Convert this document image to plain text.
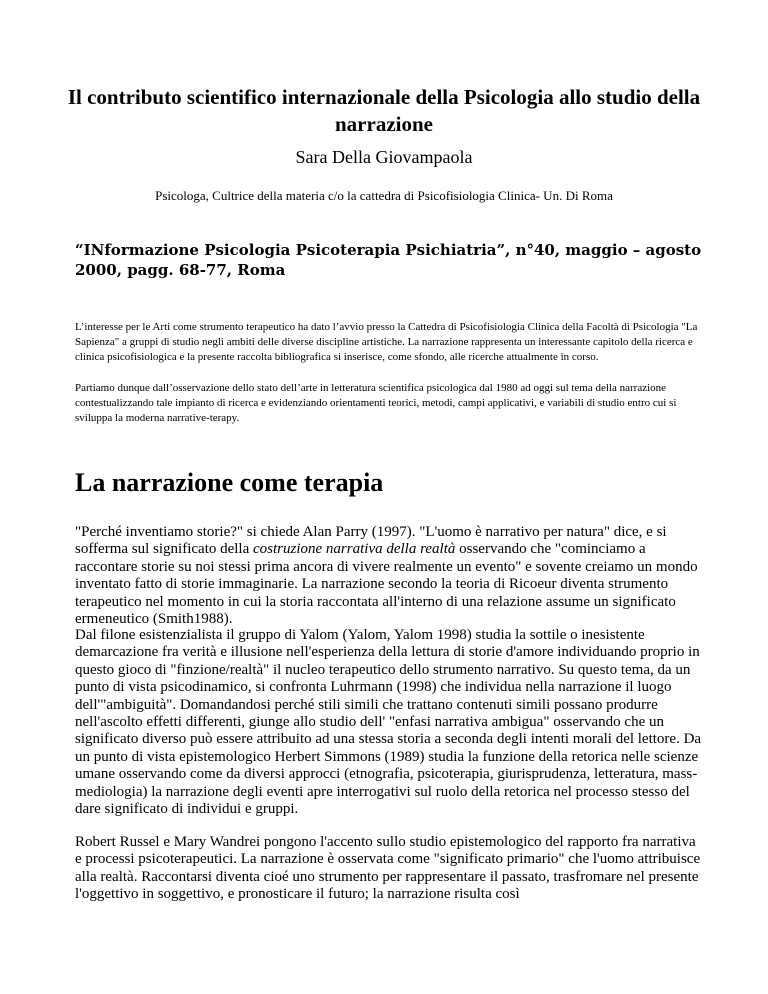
Il contributo scientifico internazionale della Psicologia allo studio della narrazione

Sara Della Giovampaola

Psicologa, Cultrice della materia c/o la cattedra di Psicofisiologia Clinica- Un. Di Roma

“INformazione Psicologia Psicoterapia Psichiatria”, n°40, maggio – agosto 2000, pagg. 68-77, Roma

L’interesse per le Arti come strumento terapeutico ha dato l’avvio presso la Cattedra di Psicofisiologia Clinica della Facoltà di Psicologia "La Sapienza" a gruppi di studio negli ambiti delle diverse discipline artistiche. La narrazione rappresenta un interessante capitolo della ricerca e clinica psicofisiologica e la presente raccolta bibliografica si inserisce, come sfondo, alle ricerche attualmente in corso.

Partiamo dunque dall’osservazione dello stato dell’arte in letteratura scientifica psicologica dal 1980 ad oggi sul tema della narrazione contestualizzando tale impianto di ricerca e evidenziando orientamenti teorici, metodi, campi applicativi, e variabili di studio entro cui si sviluppa la moderna narrative-terapy.

La narrazione come terapia

"Perché inventiamo storie?" si chiede Alan Parry (1997). "L'uomo è narrativo per natura" dice, e si sofferma sul significato della costruzione narrativa della realtà osservando che "cominciamo a raccontare storie su noi stessi prima ancora di vivere realmente un evento" e sovente creiamo un mondo inventato fatto di storie immaginarie. La narrazione secondo la teoria di Ricoeur diventa strumento terapeutico nel momento in cui la storia raccontata all'interno di una relazione assume un significato ermeneutico (Smith1988).

Dal filone esistenzialista il gruppo di Yalom (Yalom, Yalom 1998) studia la sottile o inesistente demarcazione fra verità e illusione nell'esperienza della lettura di storie d'amore individuando proprio in questo gioco di "finzione/realtà" il nucleo terapeutico dello strumento narrativo. Su questo tema, da un punto di vista psicodinamico, si confronta Luhrmann (1998) che individua nella narrazione il luogo dell'"ambiguità". Domandandosi perché stili simili che trattano contenuti simili possano produrre nell'ascolto effetti differenti, giunge allo studio dell' "enfasi narrativa ambigua" osservando che un significato diverso può essere attribuito ad una stessa storia a seconda degli intenti morali del lettore. Da un punto di vista epistemologico Herbert Simmons (1989) studia la funzione della retorica nelle scienze umane osservando come da diversi approcci (etnografia, psicoterapia, giurisprudenza, letteratura, mass-mediologia) la narrazione degli eventi apre interrogativi sul ruolo della retorica nel processo stesso del dare significato di individui e gruppi.

Robert Russel e Mary Wandrei pongono l'accento sullo studio epistemologico del rapporto fra narrativa e processi psicoterapeutici. La narrazione è osservata come "significato primario" che l'uomo attribuisce alla realtà. Raccontarsi diventa cioé uno strumento per rappresentare il passato, trasfromare nel presente l'oggettivo in soggettivo, e pronosticare il futuro; la narrazione risulta così
